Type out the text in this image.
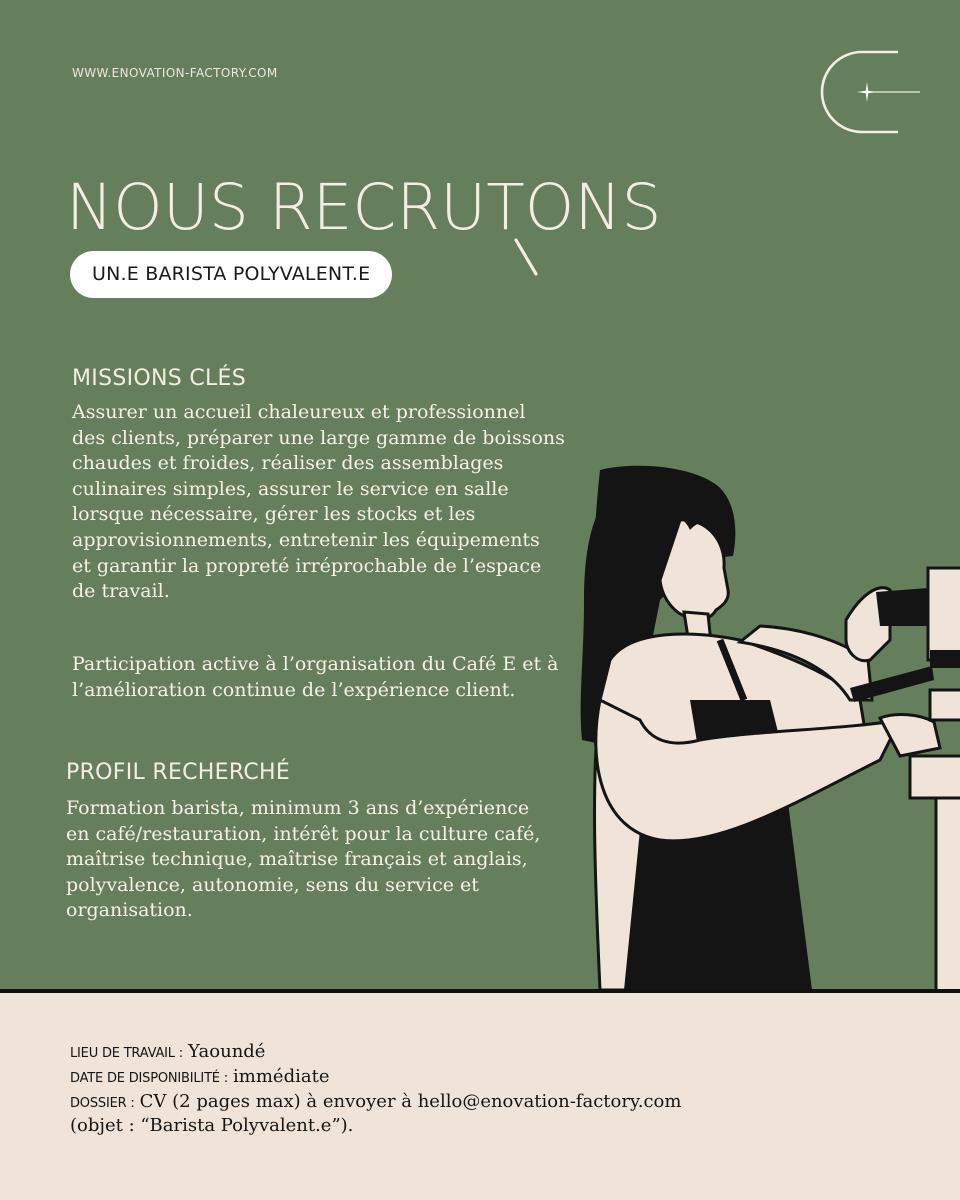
WWW.ENOVATION-FACTORY.COM
NOUS RECRUTONS
UN.E BARISTA POLYVALENT.E
MISSIONS CLÉS
Assurer un accueil chaleureux et professionnel
des clients, préparer une large gamme de boissons
chaudes et froides, réaliser des assemblages
culinaires simples, assurer le service en salle
lorsque nécessaire, gérer les stocks et les
approvisionnements, entretenir les équipements
et garantir la propreté irréprochable de l’espace
de travail.
Participation active à l’organisation du Café E et à
l’amélioration continue de l’expérience client.
PROFIL RECHERCHÉ
Formation barista, minimum 3 ans d’expérience
en café/restauration, intérêt pour la culture café,
maîtrise technique, maîtrise français et anglais,
polyvalence, autonomie, sens du service et
organisation.
LIEU DE TRAVAIL : Yaoundé
DATE DE DISPONIBILITÉ : immédiate
DOSSIER : CV (2 pages max) à envoyer à hello@enovation-factory.com
(objet : “Barista Polyvalent.e”).
